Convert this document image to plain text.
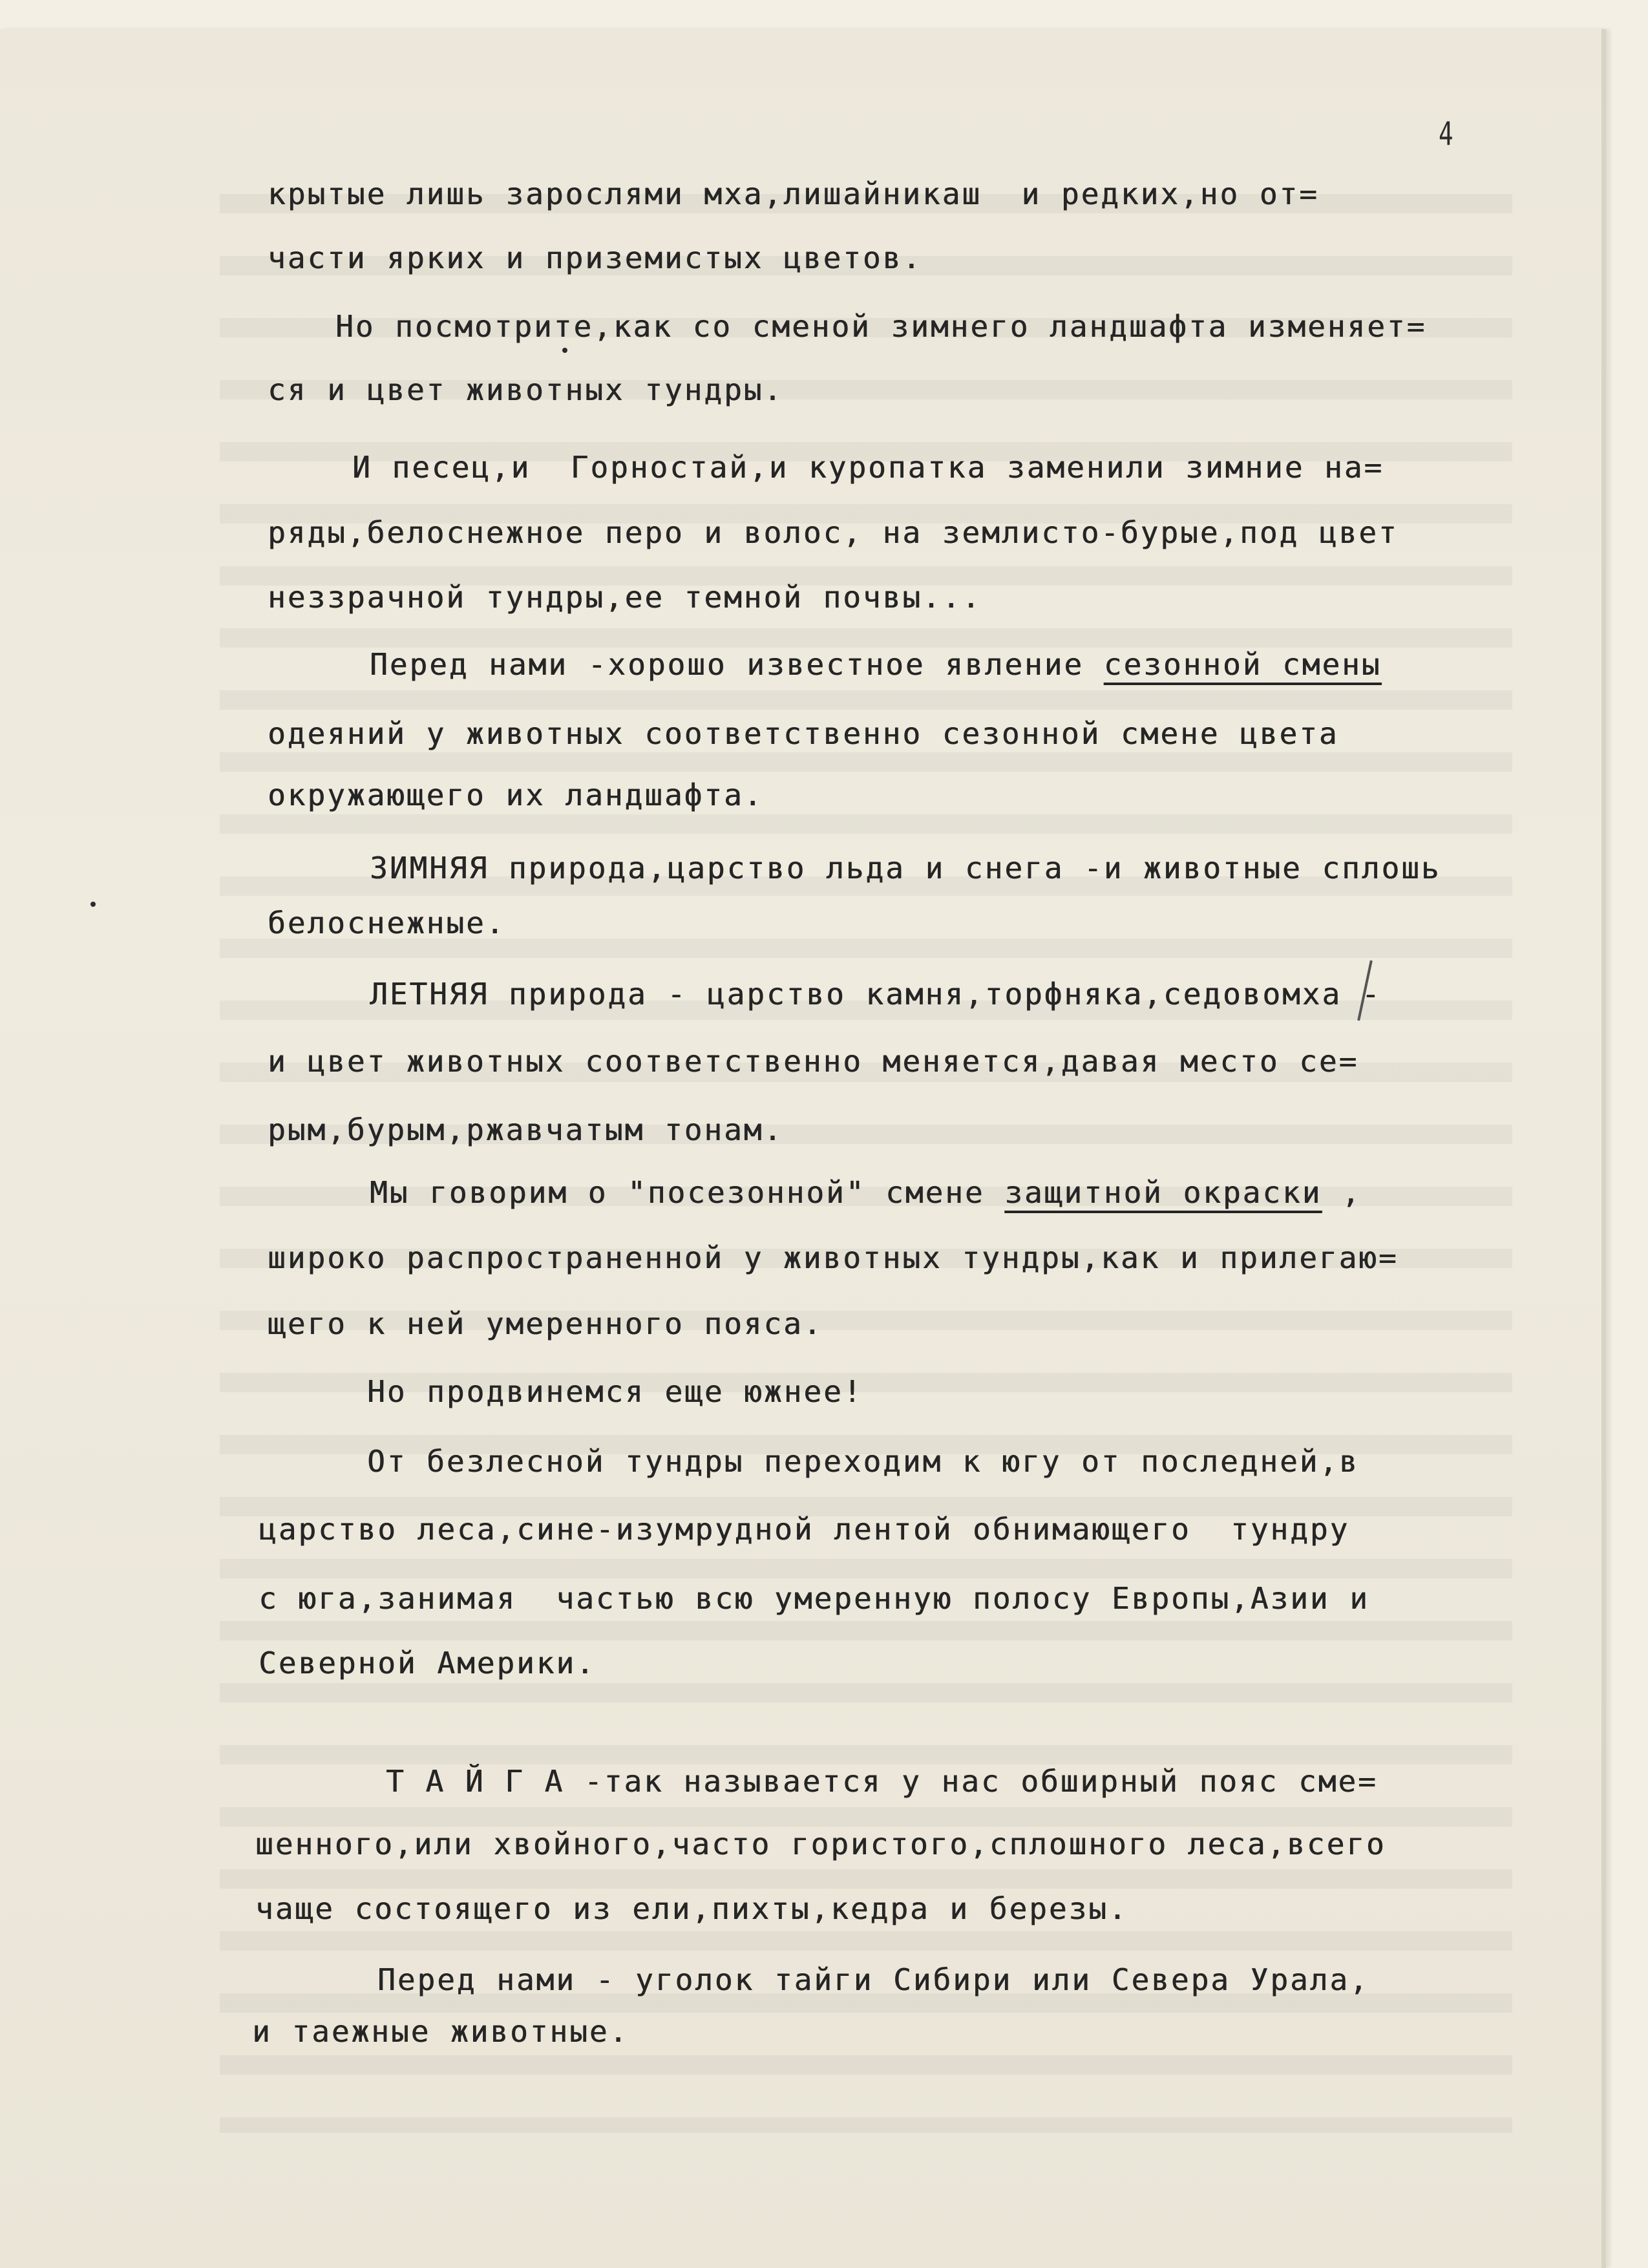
4
крытые лишь зарослями мха,лишайникаш  и редких,но от=
части ярких и приземистых цветов.
Но посмотрите,как со сменой зимнего ландшафта изменяет=
ся и цвет животных тундры.
И песец,и  Горностай,и куропатка заменили зимние на=
ряды,белоснежное перо и волос, на землисто-бурые,под цвет
неззрачной тундры,ее темной почвы...
Перед нами -хорошо известное явление сезонной смены
одеяний у животных соответственно сезонной смене цвета
окружающего их ландшафта.
ЗИМНЯЯ природа,царство льда и снега -и животные сплошь
белоснежные.
ЛЕТНЯЯ природа - царство камня,торфняка,седовомха -
и цвет животных соответственно меняется,давая место се=
рым,бурым,ржавчатым тонам.
Мы говорим о "посезонной" смене защитной окраски ,
широко распространенной у животных тундры,как и прилегаю=
щего к ней умеренного пояса.
Но продвинемся еще южнее!
От безлесной тундры переходим к югу от последней,в
царство леса,сине-изумрудной лентой обнимающего  тундру
с юга,занимая  частью всю умеренную полосу Европы,Азии и
Северной Америки.
Т А Й Г А -так называется у нас обширный пояс сме=
шенного,или хвойного,часто гористого,сплошного леса,всего
чаще состоящего из ели,пихты,кедра и березы.
Перед нами - уголок тайги Сибири или Севера Урала,
и таежные животные.
